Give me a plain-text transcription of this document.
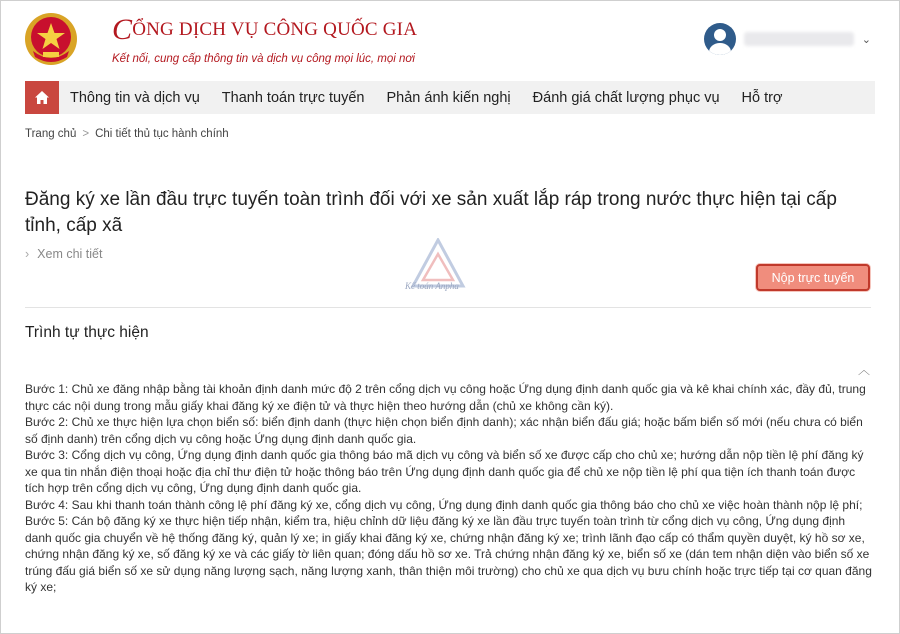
CỔNG DỊCH VỤ CÔNG QUỐC GIA
Kết nối, cung cấp thông tin và dịch vụ công mọi lúc, mọi nơi
⌄
Thông tin và dịch vụ	Thanh toán trực tuyến	Phản ánh kiến nghị	Đánh giá chất lượng phục vụ	Hỗ trợ
Trang chủ > Chi tiết thủ tục hành chính
Đăng ký xe lần đầu trực tuyến toàn trình đối với xe sản xuất lắp ráp trong nước thực hiện tại cấp tỉnh, cấp xã
› Xem chi tiết
Kế toán Anpha
Nộp trực tuyến
Trình tự thực hiện
︿

Bước 1: Chủ xe đăng nhập bằng tài khoản định danh mức độ 2 trên cổng dịch vụ công hoặc Ứng dụng định danh quốc gia và kê khai chính xác, đầy đủ, trung thực các nội dung trong mẫu giấy khai đăng ký xe điện tử và thực hiện theo hướng dẫn (chủ xe không cần ký).

Bước 2: Chủ xe thực hiện lựa chọn biển số: biển định danh (thực hiện chọn biển định danh); xác nhận biển đấu giá; hoặc bấm biển số mới (nếu chưa có biển số định danh) trên cổng dịch vụ công hoặc Ứng dụng định danh quốc gia.

Bước 3: Cổng dịch vụ công, Ứng dụng định danh quốc gia thông báo mã dịch vụ công và biển số xe được cấp cho chủ xe; hướng dẫn nộp tiền lệ phí đăng ký xe qua tin nhắn điện thoại hoặc địa chỉ thư điện tử hoặc thông báo trên Ứng dụng định danh quốc gia để chủ xe nộp tiền lệ phí qua tiện ích thanh toán được tích hợp trên cổng dịch vụ công, Ứng dụng định danh quốc gia.

Bước 4: Sau khi thanh toán thành công lệ phí đăng ký xe, cổng dịch vụ công, Ứng dụng định danh quốc gia thông báo cho chủ xe việc hoàn thành nộp lệ phí;

Bước 5: Cán bộ đăng ký xe thực hiện tiếp nhận, kiểm tra, hiệu chỉnh dữ liệu đăng ký xe lần đầu trực tuyến toàn trình từ cổng dịch vụ công, Ứng dụng định danh quốc gia chuyển về hệ thống đăng ký, quản lý xe; in giấy khai đăng ký xe, chứng nhận đăng ký xe; trình lãnh đạo cấp có thẩm quyền duyệt, ký hồ sơ xe, chứng nhận đăng ký xe, số đăng ký xe và các giấy tờ liên quan; đóng dấu hồ sơ xe. Trả chứng nhận đăng ký xe, biển số xe (dán tem nhận diện vào biển số xe trúng đấu giá biển số xe sử dụng năng lượng sạch, năng lượng xanh, thân thiện môi trường) cho chủ xe qua dịch vụ bưu chính hoặc trực tiếp tại cơ quan đăng ký xe;
